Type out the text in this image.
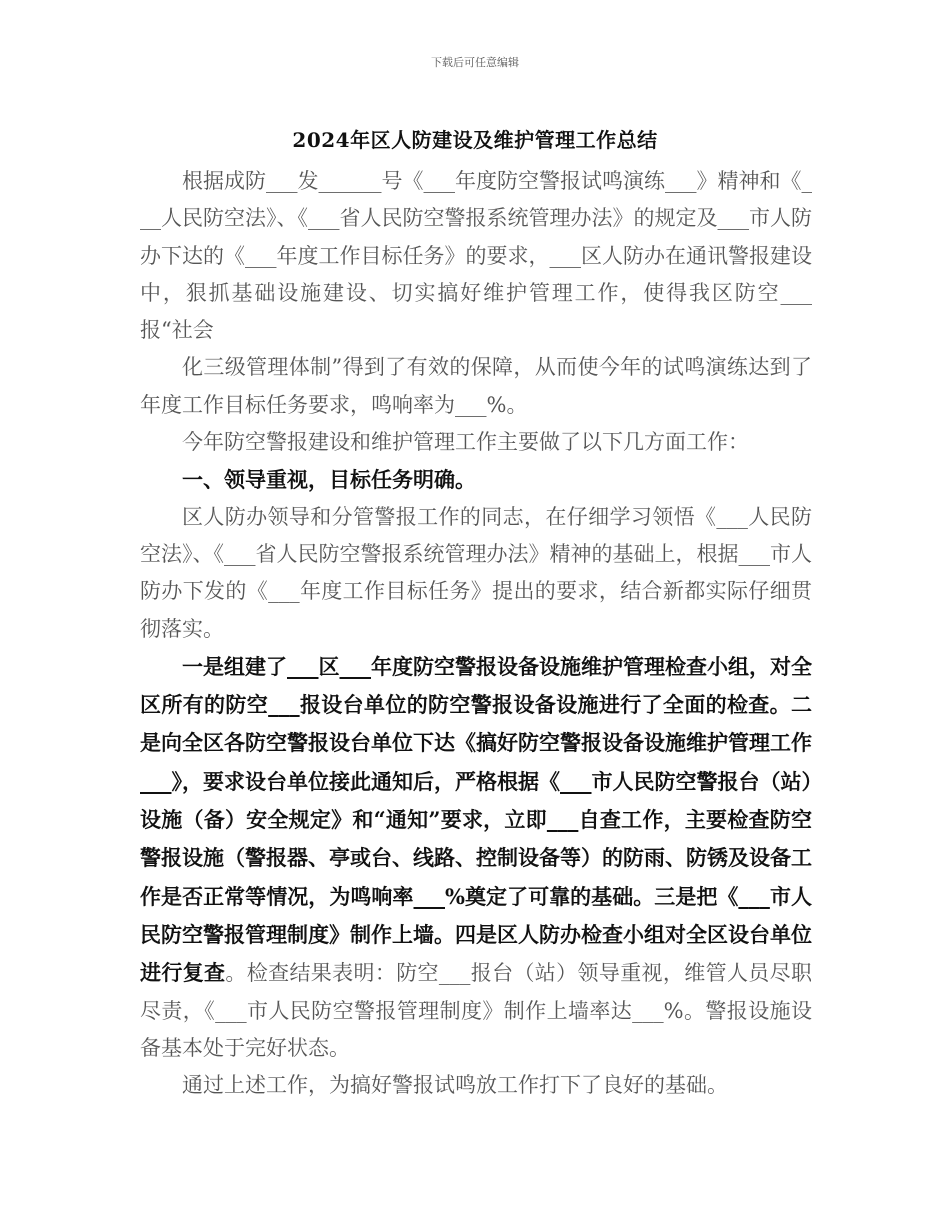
下载后可任意编辑
2024年区人防建设及维护管理工作总结

根据成防___发______号《___年度防空警报试鸣演练___》精神和《___人民防空法》、《___省人民防空警报系统管理办法》的规定及___市人防办下达的《___年度工作目标任务》的要求，___区人防办在通讯警报建设中，狠抓基础设施建设、切实搞好维护管理工作，使得我区防空___报“社会

化三级管理体制”得到了有效的保障，从而使今年的试鸣演练达到了年度工作目标任务要求，鸣响率为___%。

今年防空警报建设和维护管理工作主要做了以下几方面工作：

一、领导重视，目标任务明确。

区人防办领导和分管警报工作的同志，在仔细学习领悟《___人民防空法》、《___省人民防空警报系统管理办法》精神的基础上，根据___市人防办下发的《___年度工作目标任务》提出的要求，结合新都实际仔细贯彻落实。

一是组建了___区___年度防空警报设备设施维护管理检查小组，对全区所有的防空___报设台单位的防空警报设备设施进行了全面的检查。二是向全区各防空警报设台单位下达《搞好防空警报设备设施维护管理工作___》，要求设台单位接此通知后，严格根据《___市人民防空警报台（站）设施（备）安全规定》和“通知”要求，立即___自查工作，主要检查防空警报设施（警报器、亭或台、线路、控制设备等）的防雨、防锈及设备工作是否正常等情况，为鸣响率___%奠定了可靠的基础。三是把《___市人民防空警报管理制度》制作上墙。四是区人防办检查小组对全区设台单位进行复查。检查结果表明：防空___报台（站）领导重视，维管人员尽职尽责，《___市人民防空警报管理制度》制作上墙率达___%。警报设施设备基本处于完好状态。

通过上述工作，为搞好警报试鸣放工作打下了良好的基础。
